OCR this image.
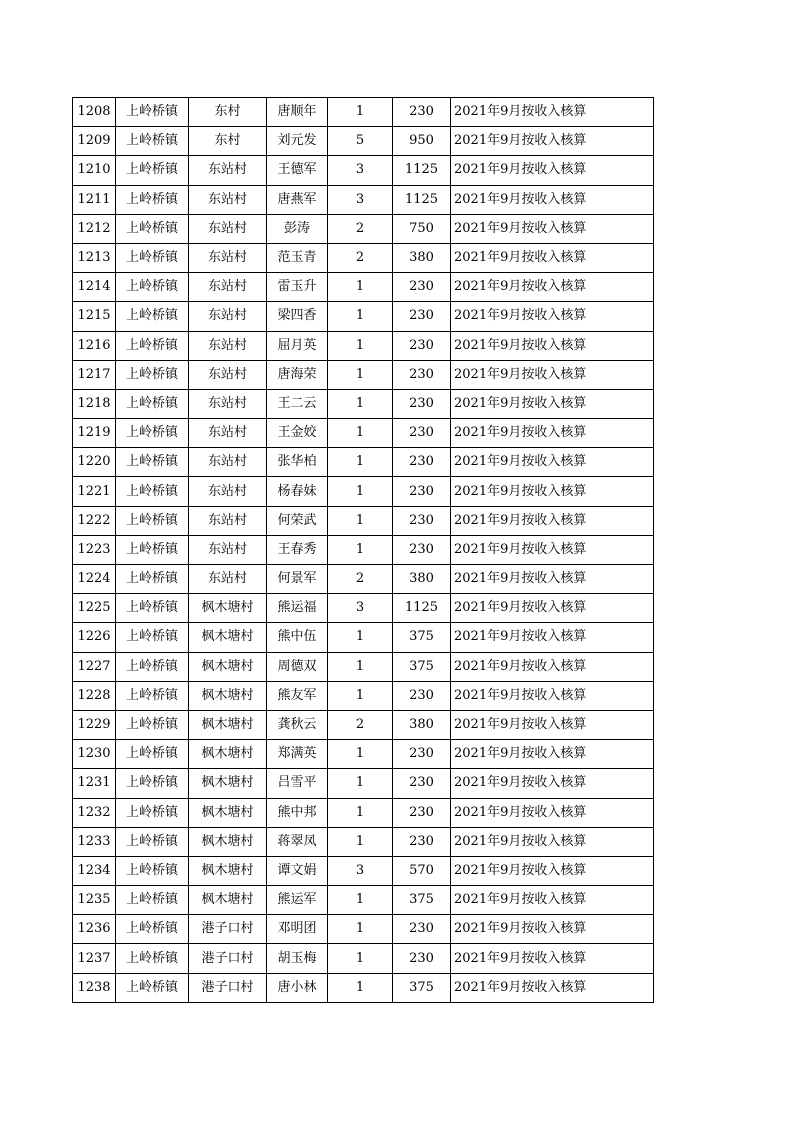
1208	上岭桥镇	东村	唐顺年	1	230	2021年9月按收入核算
1209	上岭桥镇	东村	刘元发	5	950	2021年9月按收入核算
1210	上岭桥镇	东站村	王德军	3	1125	2021年9月按收入核算
1211	上岭桥镇	东站村	唐燕军	3	1125	2021年9月按收入核算
1212	上岭桥镇	东站村	彭涛	2	750	2021年9月按收入核算
1213	上岭桥镇	东站村	范玉青	2	380	2021年9月按收入核算
1214	上岭桥镇	东站村	雷玉升	1	230	2021年9月按收入核算
1215	上岭桥镇	东站村	梁四香	1	230	2021年9月按收入核算
1216	上岭桥镇	东站村	屈月英	1	230	2021年9月按收入核算
1217	上岭桥镇	东站村	唐海荣	1	230	2021年9月按收入核算
1218	上岭桥镇	东站村	王二云	1	230	2021年9月按收入核算
1219	上岭桥镇	东站村	王金姣	1	230	2021年9月按收入核算
1220	上岭桥镇	东站村	张华柏	1	230	2021年9月按收入核算
1221	上岭桥镇	东站村	杨春妹	1	230	2021年9月按收入核算
1222	上岭桥镇	东站村	何荣武	1	230	2021年9月按收入核算
1223	上岭桥镇	东站村	王春秀	1	230	2021年9月按收入核算
1224	上岭桥镇	东站村	何景军	2	380	2021年9月按收入核算
1225	上岭桥镇	枫木塘村	熊运福	3	1125	2021年9月按收入核算
1226	上岭桥镇	枫木塘村	熊中伍	1	375	2021年9月按收入核算
1227	上岭桥镇	枫木塘村	周德双	1	375	2021年9月按收入核算
1228	上岭桥镇	枫木塘村	熊友军	1	230	2021年9月按收入核算
1229	上岭桥镇	枫木塘村	龚秋云	2	380	2021年9月按收入核算
1230	上岭桥镇	枫木塘村	郑满英	1	230	2021年9月按收入核算
1231	上岭桥镇	枫木塘村	吕雪平	1	230	2021年9月按收入核算
1232	上岭桥镇	枫木塘村	熊中邦	1	230	2021年9月按收入核算
1233	上岭桥镇	枫木塘村	蒋翠凤	1	230	2021年9月按收入核算
1234	上岭桥镇	枫木塘村	谭文娟	3	570	2021年9月按收入核算
1235	上岭桥镇	枫木塘村	熊运军	1	375	2021年9月按收入核算
1236	上岭桥镇	港子口村	邓明团	1	230	2021年9月按收入核算
1237	上岭桥镇	港子口村	胡玉梅	1	230	2021年9月按收入核算
1238	上岭桥镇	港子口村	唐小林	1	375	2021年9月按收入核算
